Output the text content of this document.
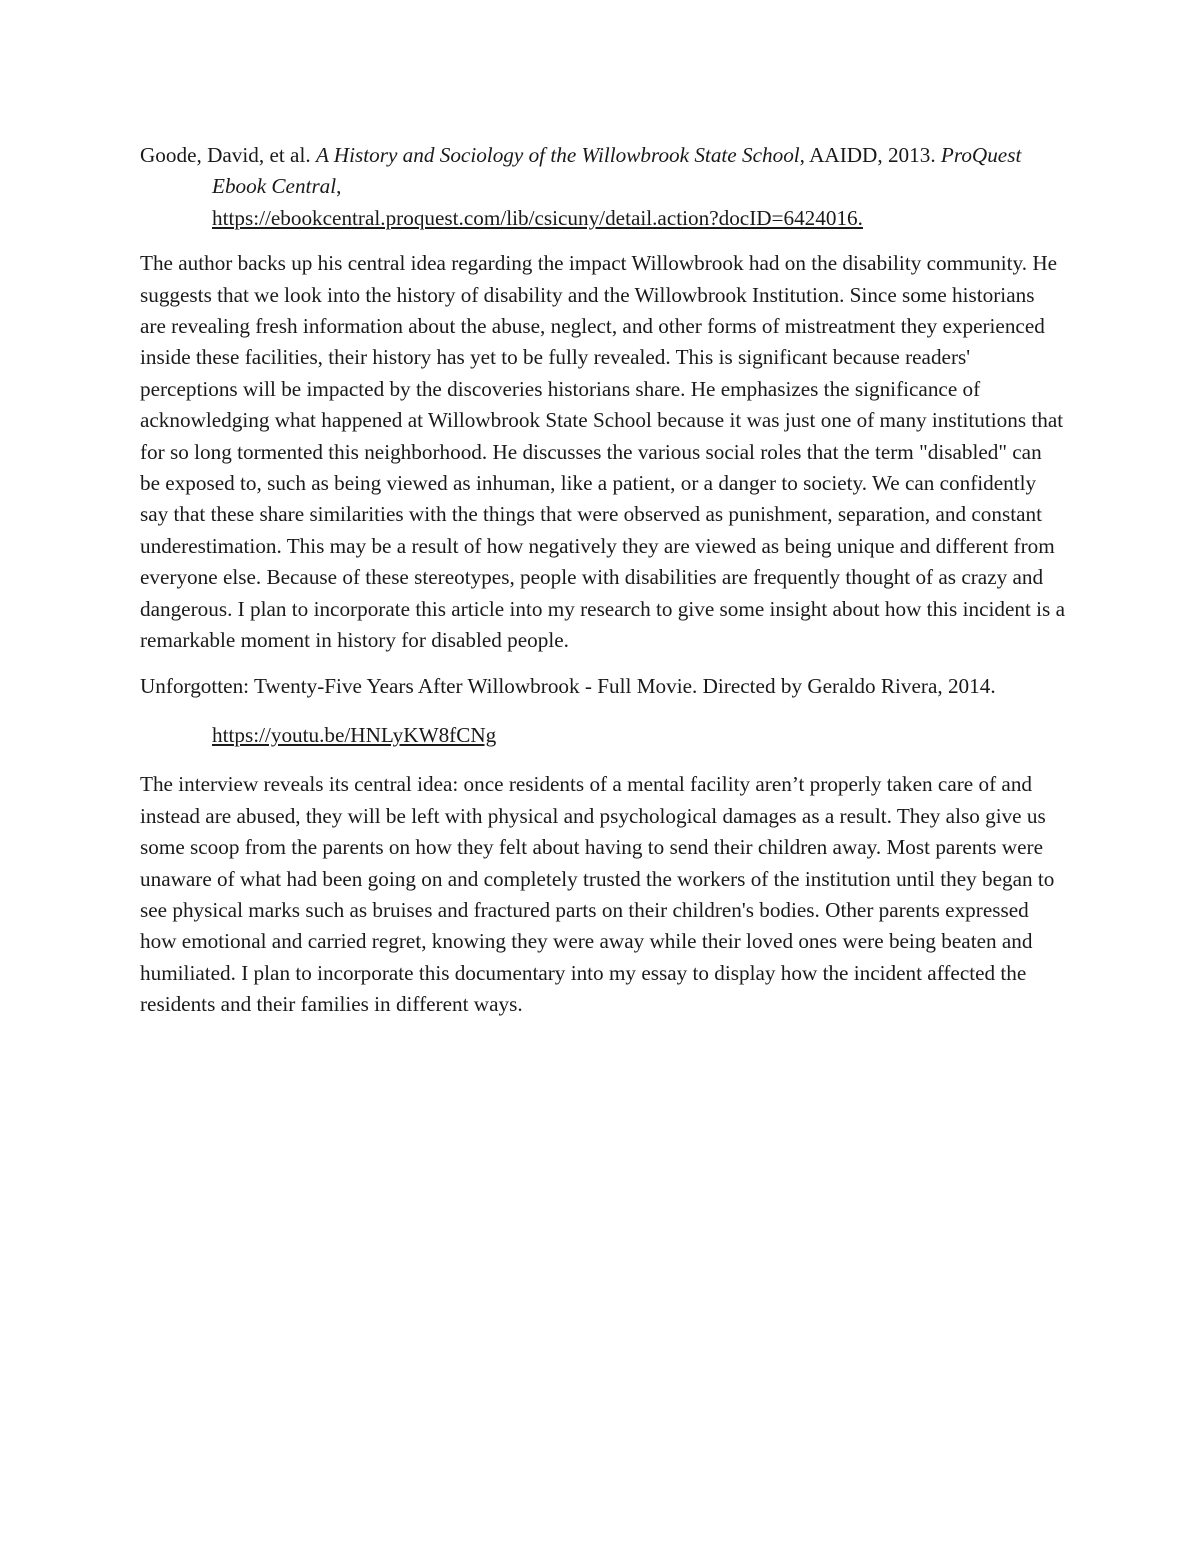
Goode, David, et al. A History and Sociology of the Willowbrook State School, AAIDD, 2013. ProQuest Ebook Central,
https://ebookcentral.proquest.com/lib/csicuny/detail.action?docID=6424016.

The author backs up his central idea regarding the impact Willowbrook had on the disability community. He suggests that we look into the history of disability and the Willowbrook Institution. Since some historians are revealing fresh information about the abuse, neglect, and other forms of mistreatment they experienced inside these facilities, their history has yet to be fully revealed. This is significant because readers' perceptions will be impacted by the discoveries historians share. He emphasizes the significance of acknowledging what happened at Willowbrook State School because it was just one of many institutions that for so long tormented this neighborhood. He discusses the various social roles that the term "disabled" can be exposed to, such as being viewed as inhuman, like a patient, or a danger to society. We can confidently say that these share similarities with the things that were observed as punishment, separation, and constant underestimation. This may be a result of how negatively they are viewed as being unique and different from everyone else. Because of these stereotypes, people with disabilities are frequently thought of as crazy and dangerous. I plan to incorporate this article into my research to give some insight about how this incident is a remarkable moment in history for disabled people.

Unforgotten: Twenty-Five Years After Willowbrook - Full Movie. Directed by Geraldo Rivera, 2014.

https://youtu.be/HNLyKW8fCNg

The interview reveals its central idea: once residents of a mental facility aren’t properly taken care of and instead are abused, they will be left with physical and psychological damages as a result. They also give us some scoop from the parents on how they felt about having to send their children away. Most parents were unaware of what had been going on and completely trusted the workers of the institution until they began to see physical marks such as bruises and fractured parts on their children's bodies. Other parents expressed how emotional and carried regret, knowing they were away while their loved ones were being beaten and humiliated. I plan to incorporate this documentary into my essay to display how the incident affected the residents and their families in different ways.
